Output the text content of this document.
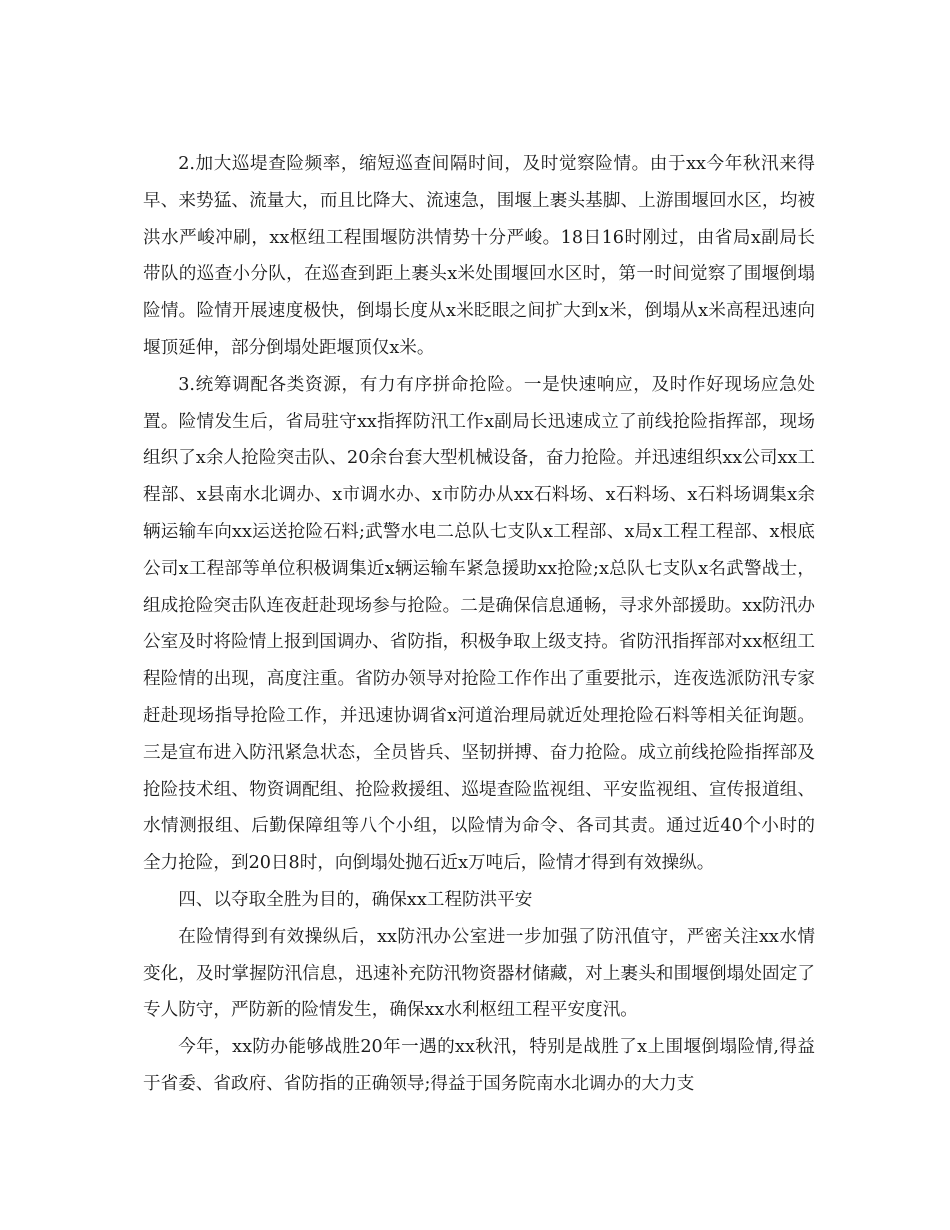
2.加大巡堤查险频率，缩短巡查间隔时间，及时觉察险情。由于xx今年秋汛来得早、来势猛、流量大，而且比降大、流速急，围堰上裹头基脚、上游围堰回水区，均被洪水严峻冲刷，xx枢纽工程围堰防洪情势十分严峻。18日16时刚过，由省局x副局长带队的巡查小分队，在巡查到距上裹头x米处围堰回水区时，第一时间觉察了围堰倒塌险情。险情开展速度极快，倒塌长度从x米眨眼之间扩大到x米，倒塌从x米高程迅速向堰顶延伸，部分倒塌处距堰顶仅x米。

3.统筹调配各类资源，有力有序拼命抢险。一是快速响应，及时作好现场应急处置。险情发生后，省局驻守xx指挥防汛工作x副局长迅速成立了前线抢险指挥部，现场组织了x余人抢险突击队、20余台套大型机械设备，奋力抢险。并迅速组织xx公司xx工程部、x县南水北调办、x市调水办、x市防办从xx石料场、x石料场、x石料场调集x余辆运输车向xx运送抢险石料;武警水电二总队七支队x工程部、x局x工程工程部、x根底公司x工程部等单位积极调集近x辆运输车紧急援助xx抢险;x总队七支队x名武警战士，组成抢险突击队连夜赶赴现场参与抢险。二是确保信息通畅，寻求外部援助。xx防汛办公室及时将险情上报到国调办、省防指，积极争取上级支持。省防汛指挥部对xx枢纽工程险情的出现，高度注重。省防办领导对抢险工作作出了重要批示，连夜选派防汛专家赶赴现场指导抢险工作，并迅速协调省x河道治理局就近处理抢险石料等相关征询题。三是宣布进入防汛紧急状态，全员皆兵、坚韧拼搏、奋力抢险。成立前线抢险指挥部及抢险技术组、物资调配组、抢险救援组、巡堤查险监视组、平安监视组、宣传报道组、水情测报组、后勤保障组等八个小组，以险情为命令、各司其责。通过近40个小时的全力抢险，到20日8时，向倒塌处抛石近x万吨后，险情才得到有效操纵。

四、以夺取全胜为目的，确保xx工程防洪平安

在险情得到有效操纵后，xx防汛办公室进一步加强了防汛值守，严密关注xx水情变化，及时掌握防汛信息，迅速补充防汛物资器材储藏，对上裹头和围堰倒塌处固定了专人防守，严防新的险情发生，确保xx水利枢纽工程平安度汛。

今年，xx防办能够战胜20年一遇的xx秋汛，特别是战胜了x上围堰倒塌险情,得益于省委、省政府、省防指的正确领导;得益于国务院南水北调办的大力支
